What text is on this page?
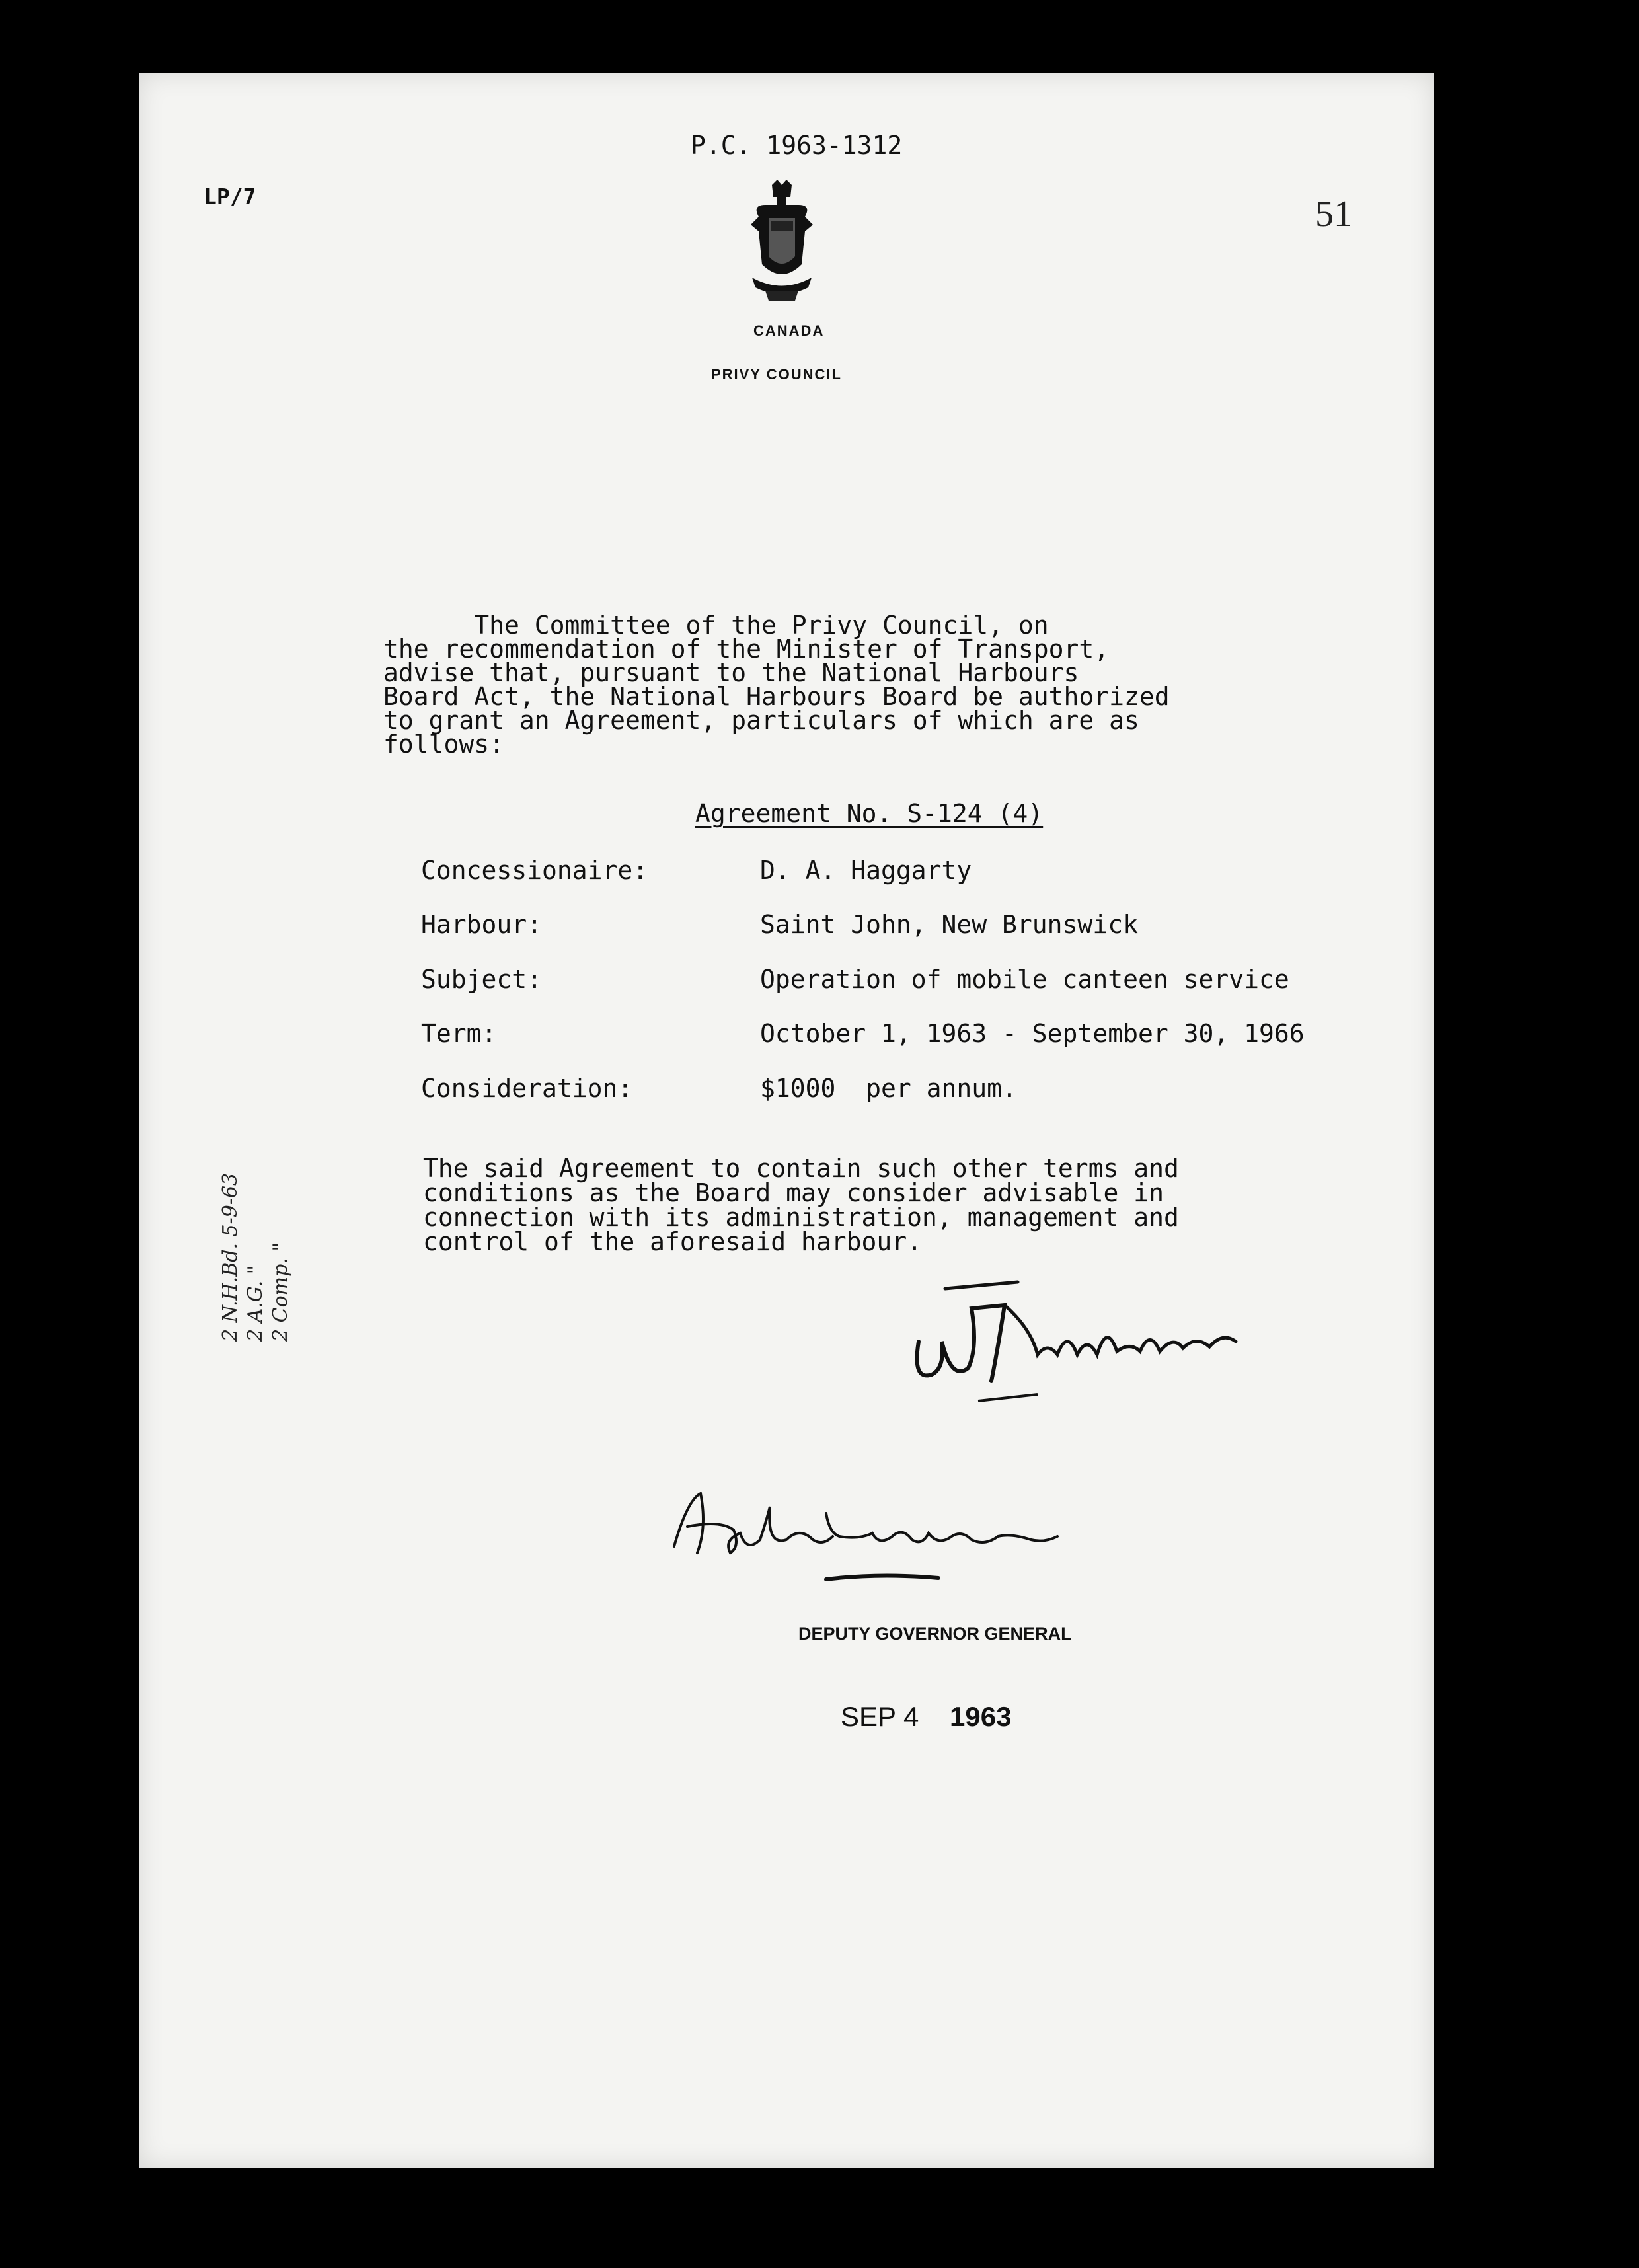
P.C. 1963-1312
LP/7	51
CANADA
PRIVY COUNCIL
The Committee of the Privy Council, on
the recommendation of the Minister of Transport,
advise that, pursuant to the National Harbours
Board Act, the National Harbours Board be authorized
to grant an Agreement, particulars of which are as
follows:
Agreement No. S-124 (4)
Concessionaire:	D. A. Haggarty
Harbour:	Saint John, New Brunswick
Subject:	Operation of mobile canteen service
Term:	October 1, 1963 - September 30, 1966
Consideration:	$1000  per annum.
The said Agreement to contain such other terms and
conditions as the Board may consider advisable in
connection with its administration, management and
control of the aforesaid harbour.
DEPUTY GOVERNOR GENERAL
SEP 4 1963
2 N.H.Bd. 5-9-63 2 A.G. " 2 Comp. "
